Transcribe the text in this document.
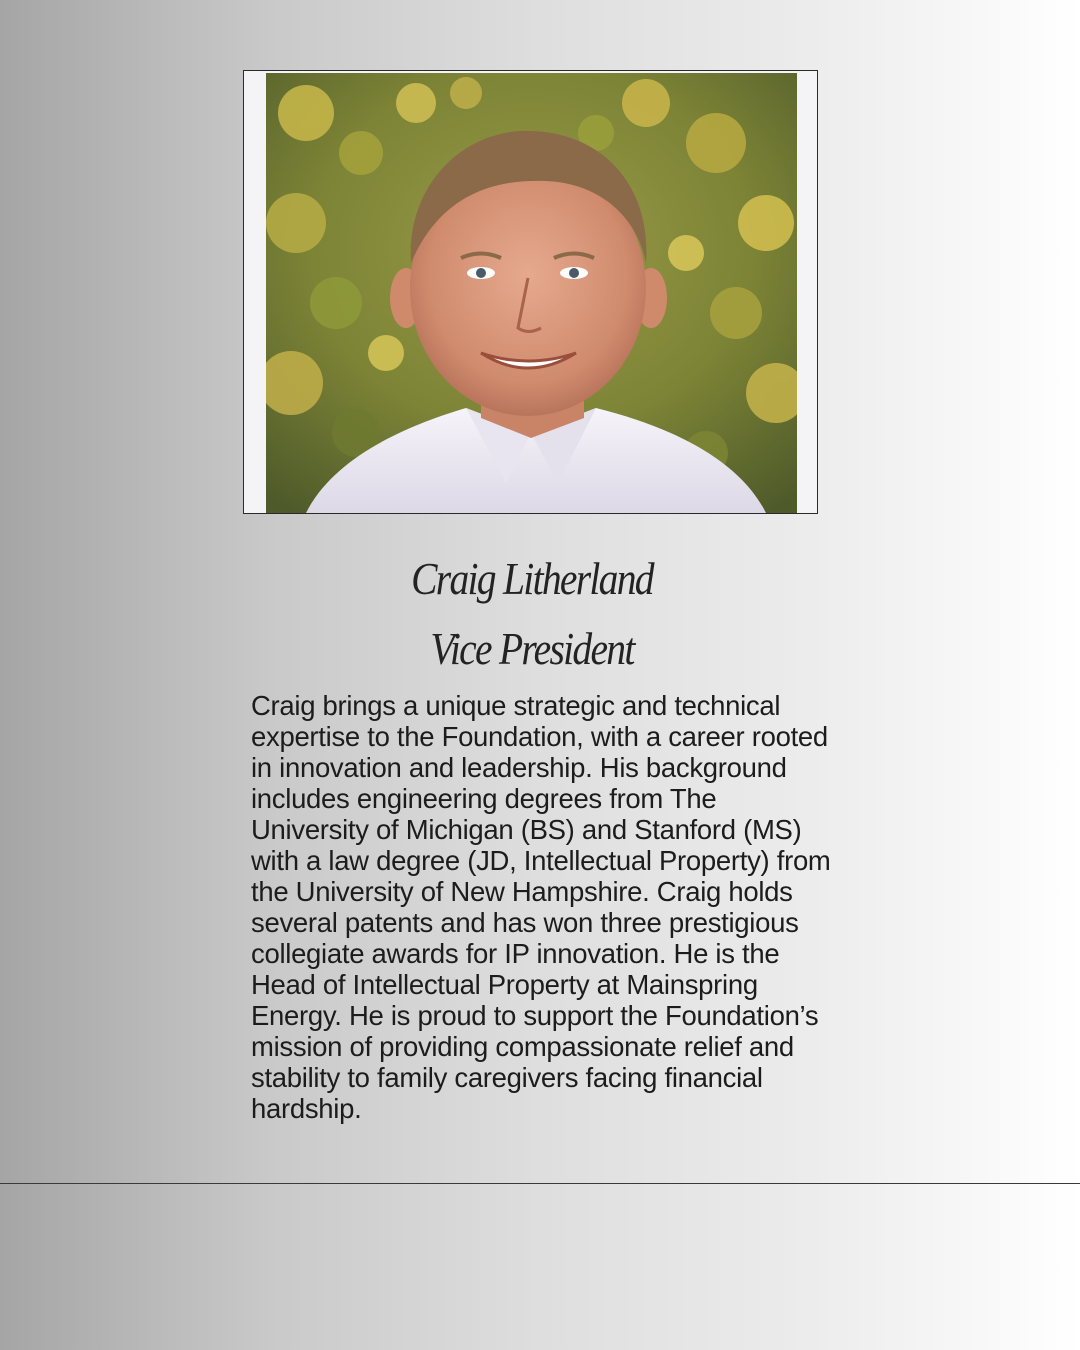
Craig Litherland
Vice President

Craig brings a unique strategic and technical expertise to the Foundation, with a career rooted in innovation and leadership. His background includes engineering degrees from The University of Michigan (BS) and Stanford (MS) with a law degree (JD, Intellectual Property) from the University of New Hampshire. Craig holds several patents and has won three prestigious collegiate awards for IP innovation. He is the Head of Intellectual Property at Mainspring Energy. He is proud to support the Foundation’s mission of providing compassionate relief and stability to family caregivers facing financial hardship.
